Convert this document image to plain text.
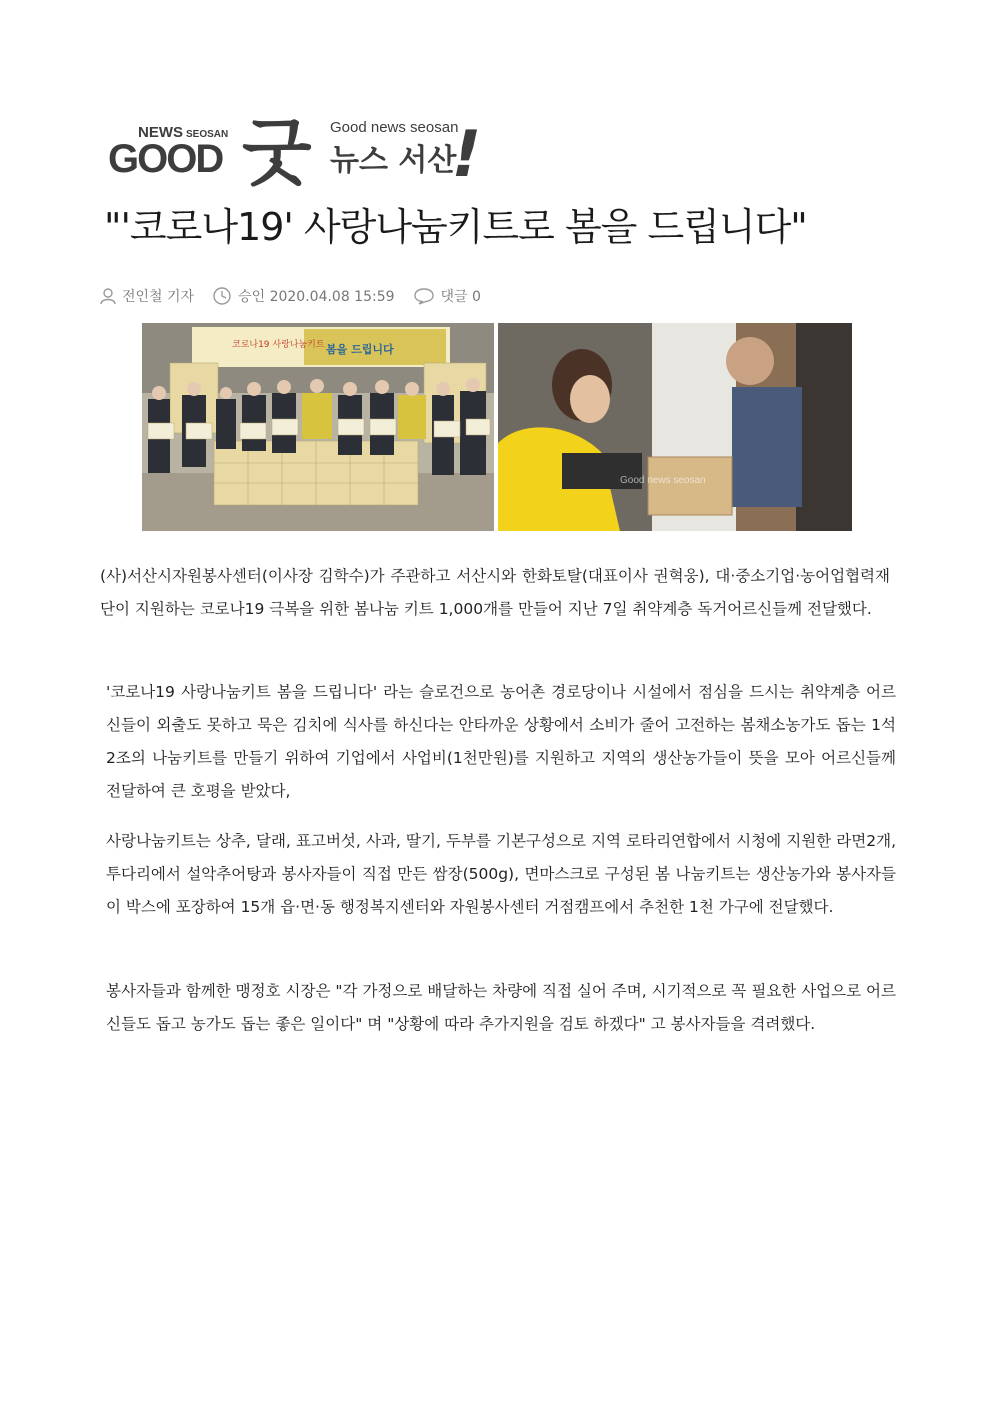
NEWS SEOSAN
GOOD 굿 Good news seosan
뉴스 서산
!
"'코로나19' 사랑나눔키트로 봄을 드립니다"
전인철 기자	승인 2020.04.08 15:59	댓글 0
코로나19 사랑나눔키트 봄을 드립니다
Good news seosan
(사)서산시자원봉사센터(이사장 김학수)가 주관하고 서산시와 한화토탈(대표이사 권혁웅), 대·중소기업·농어업협력재단이 지원하는 코로나19 극복을 위한 봄나눔 키트 1,000개를 만들어 지난 7일 취약계층 독거어르신들께 전달했다.
'코로나19 사랑나눔키트 봄을 드립니다' 라는 슬로건으로 농어촌 경로당이나 시설에서 점심을 드시는 취약계층 어르신들이 외출도 못하고 묵은 김치에 식사를 하신다는 안타까운 상황에서 소비가 줄어 고전하는 봄채소농가도 돕는 1석2조의 나눔키트를 만들기 위하여 기업에서 사업비(1천만원)를 지원하고 지역의 생산농가들이 뜻을 모아 어르신들께 전달하여 큰 호평을 받았다,
사랑나눔키트는 상추, 달래, 표고버섯, 사과, 딸기, 두부를 기본구성으로 지역 로타리연합에서 시청에 지원한 라면2개, 투다리에서 설악추어탕과 봉사자들이 직접 만든 쌈장(500g), 면마스크로 구성된 봄 나눔키트는 생산농가와 봉사자들이 박스에 포장하여 15개 읍·면·동 행정복지센터와 자원봉사센터 거점캠프에서 추천한 1천 가구에 전달했다.
봉사자들과 함께한 맹정호 시장은 "각 가정으로 배달하는 차량에 직접 실어 주며, 시기적으로 꼭 필요한 사업으로 어르신들도 돕고 농가도 돕는 좋은 일이다" 며 "상황에 따라 추가지원을 검토 하겠다" 고 봉사자들을 격려했다.
